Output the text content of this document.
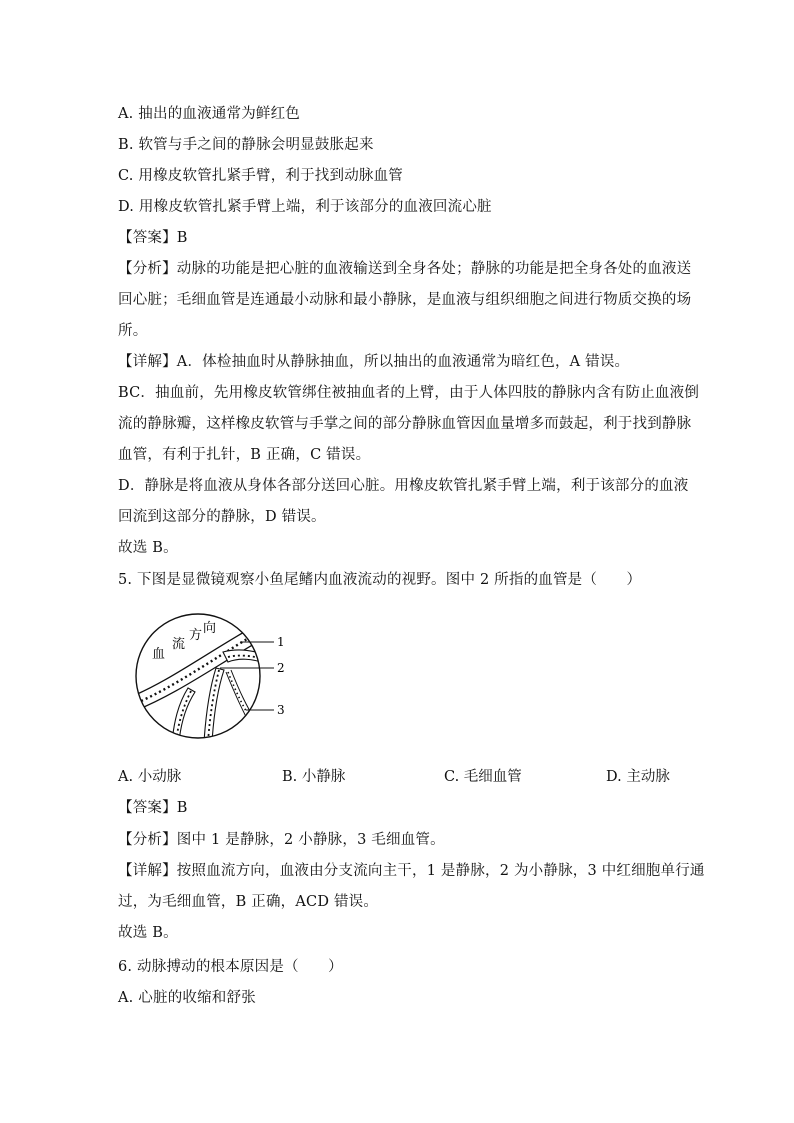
A. 抽出的血液通常为鲜红色
B. 软管与手之间的静脉会明显鼓胀起来
C. 用橡皮软管扎紧手臂，利于找到动脉血管
D. 用橡皮软管扎紧手臂上端，利于该部分的血液回流心脏
【答案】B
【分析】动脉的功能是把心脏的血液输送到全身各处；静脉的功能是把全身各处的血液送
回心脏；毛细血管是连通最小动脉和最小静脉，是血液与组织细胞之间进行物质交换的场
所。
【详解】A．体检抽血时从静脉抽血，所以抽出的血液通常为暗红色，A 错误。
BC．抽血前，先用橡皮软管绑住被抽血者的上臂，由于人体四肢的静脉内含有防止血液倒
流的静脉瓣，这样橡皮软管与手掌之间的部分静脉血管因血量增多而鼓起，利于找到静脉
血管，有利于扎针，B 正确，C 错误。
D．静脉是将血液从身体各部分送回心脏。用橡皮软管扎紧手臂上端，利于该部分的血液
回流到这部分的静脉，D 错误。
故选 B。
5. 下图是显微镜观察小鱼尾鳍内血液流动的视野。图中 2 所指的血管是（　　）
血
流
方 向
1
2
3
A. 小动脉	B. 小静脉	C. 毛细血管	D. 主动脉
【答案】B
【分析】图中 1 是静脉，2 小静脉，3 毛细血管。
【详解】按照血流方向，血液由分支流向主干，1 是静脉，2 为小静脉，3 中红细胞单行通
过，为毛细血管，B 正确，ACD 错误。
故选 B。
6. 动脉搏动的根本原因是（　　）
A. 心脏的收缩和舒张
